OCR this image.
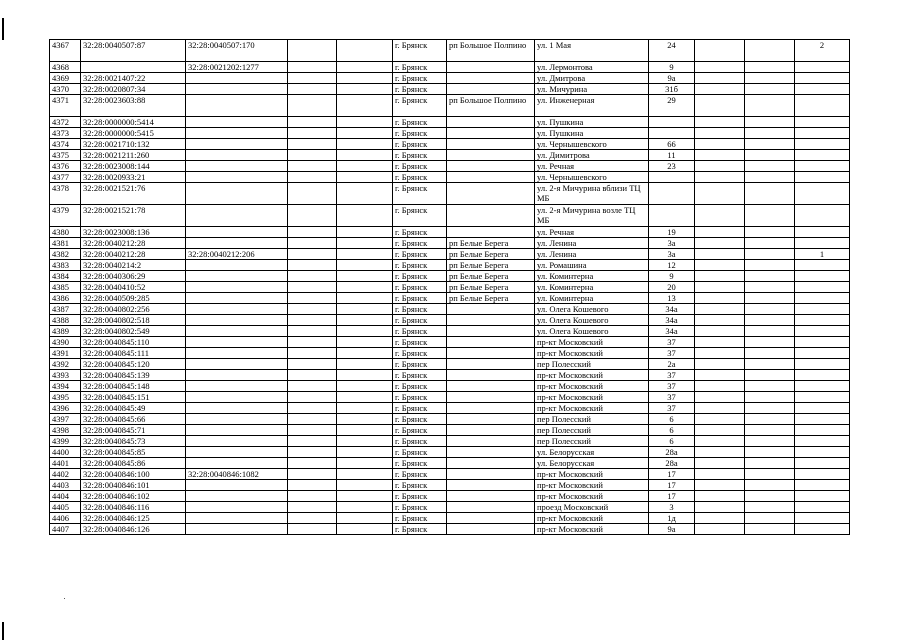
4367	32:28:0040507:87	32:28:0040507:170			г. Брянск	рп Большое Полпино	ул. 1 Мая	24			2
4368		32:28:0021202:1277			г. Брянск		ул. Лермонтова	9			
4369	32:28:0021407:22				г. Брянск		ул. Дмитрова	9а			
4370	32:28:0020807:34				г. Брянск		ул. Мичурина	31б			
4371	32:28:0023603:88				г. Брянск	рп Большое Полпино	ул. Инженерная	29			
4372	32:28:0000000:5414				г. Брянск		ул. Пушкина				
4373	32:28:0000000:5415				г. Брянск		ул. Пушкина				
4374	32:28:0021710:132				г. Брянск		ул. Чернышевского	66			
4375	32:28:0021211:260				г. Брянск		ул. Димитрова	11			
4376	32:28:0023008:144				г. Брянск		ул. Речная	23			
4377	32:28:0020933:21				г. Брянск		ул. Чернышевского				
4378	32:28:0021521:76				г. Брянск		ул. 2-я Мичурина вблизи ТЦ МБ				
4379	32:28:0021521:78				г. Брянск		ул. 2-я Мичурина возле ТЦ МБ				
4380	32:28:0023008:136				г. Брянск		ул. Речная	19			
4381	32:28:0040212:28				г. Брянск	рп Белые Берега	ул. Ленина	3а			
4382	32:28:0040212:28	32:28:0040212:206			г. Брянск	рп Белые Берега	ул. Ленина	3а			1
4383	32:28:0040214:2				г. Брянск	рп Белые Берега	ул. Ромашина	12			
4384	32:28:0040306:29				г. Брянск	рп Белые Берега	ул. Коминтерна	9			
4385	32:28:0040410:52				г. Брянск	рп Белые Берега	ул. Коминтерна	20			
4386	32:28:0040509:285				г. Брянск	рп Белые Берега	ул. Коминтерна	13			
4387	32:28:0040802:256				г. Брянск		ул. Олега Кошевого	34а			
4388	32:28:0040802:518				г. Брянск		ул. Олега Кошевого	34а			
4389	32:28:0040802:549				г. Брянск		ул. Олега Кошевого	34а			
4390	32:28:0040845:110				г. Брянск		пр-кт Московский	37			
4391	32:28:0040845:111				г. Брянск		пр-кт Московский	37			
4392	32:28:0040845:120				г. Брянск		пер Полесский	2а			
4393	32:28:0040845:139				г. Брянск		пр-кт Московский	37			
4394	32:28:0040845:148				г. Брянск		пр-кт Московский	37			
4395	32:28:0040845:151				г. Брянск		пр-кт Московский	37			
4396	32:28:0040845:49				г. Брянск		пр-кт Московский	37			
4397	32:28:0040845:66				г. Брянск		пер Полесский	6			
4398	32:28:0040845:71				г. Брянск		пер Полесский	6			
4399	32:28:0040845:73				г. Брянск		пер Полесский	6			
4400	32:28:0040845:85				г. Брянск		ул. Белорусская	28а			
4401	32:28:0040845:86				г. Брянск		ул. Белорусская	28а			
4402	32:28:0040846:100	32:28:0040846:1082			г. Брянск		пр-кт Московский	17			
4403	32:28:0040846:101				г. Брянск		пр-кт Московский	17			
4404	32:28:0040846:102				г. Брянск		пр-кт Московский	17			
4405	32:28:0040846:116				г. Брянск		проезд Московский	3			
4406	32:28:0040846:125				г. Брянск		пр-кт Московский	1д			
4407	32:28:0040846:126				г. Брянск		пр-кт Московский	9а			
